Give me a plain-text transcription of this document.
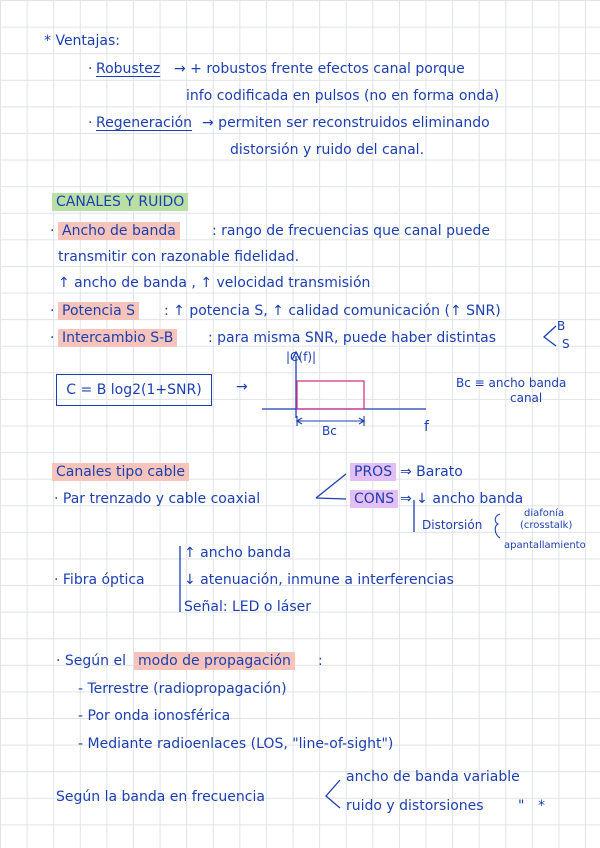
* Ventajas:
· Robustez → + robustos frente efectos canal porque
info codificada en pulsos (no en forma onda)
· Regeneración → permiten ser reconstruidos eliminando
distorsión y ruido del canal.
CANALES Y RUIDO
· Ancho de banda	: rango de frecuencias que canal puede
transmitir con razonable fidelidad.
↑ ancho de banda , ↑ velocidad transmisión
· Potencia S : ↑ potencia S, ↑ calidad comunicación (↑ SNR)
· Intercambio S-B : para misma SNR, puede haber distintas
B
S
C = B log 2 (1+SNR) →
|C(f)|
f
Bc
Bc ≡ ancho banda
canal
Canales tipo cable
· Par trenzado y cable coaxial
PROS ⇒ Barato
CONS ⇒ ↓ ancho banda
Distorsión
diafonía
(crosstalk)
apantallamiento
↑ ancho banda
· Fibra óptica	↓ atenuación, inmune a interferencias
Señal: LED o láser
· Según el modo de propagación :
- Terrestre (radiopropagación)
- Por onda ionosférica
- Mediante radioenlaces (LOS, "line-of-sight")
Según la banda en frecuencia
ancho de banda variable
ruido y distorsiones " *
